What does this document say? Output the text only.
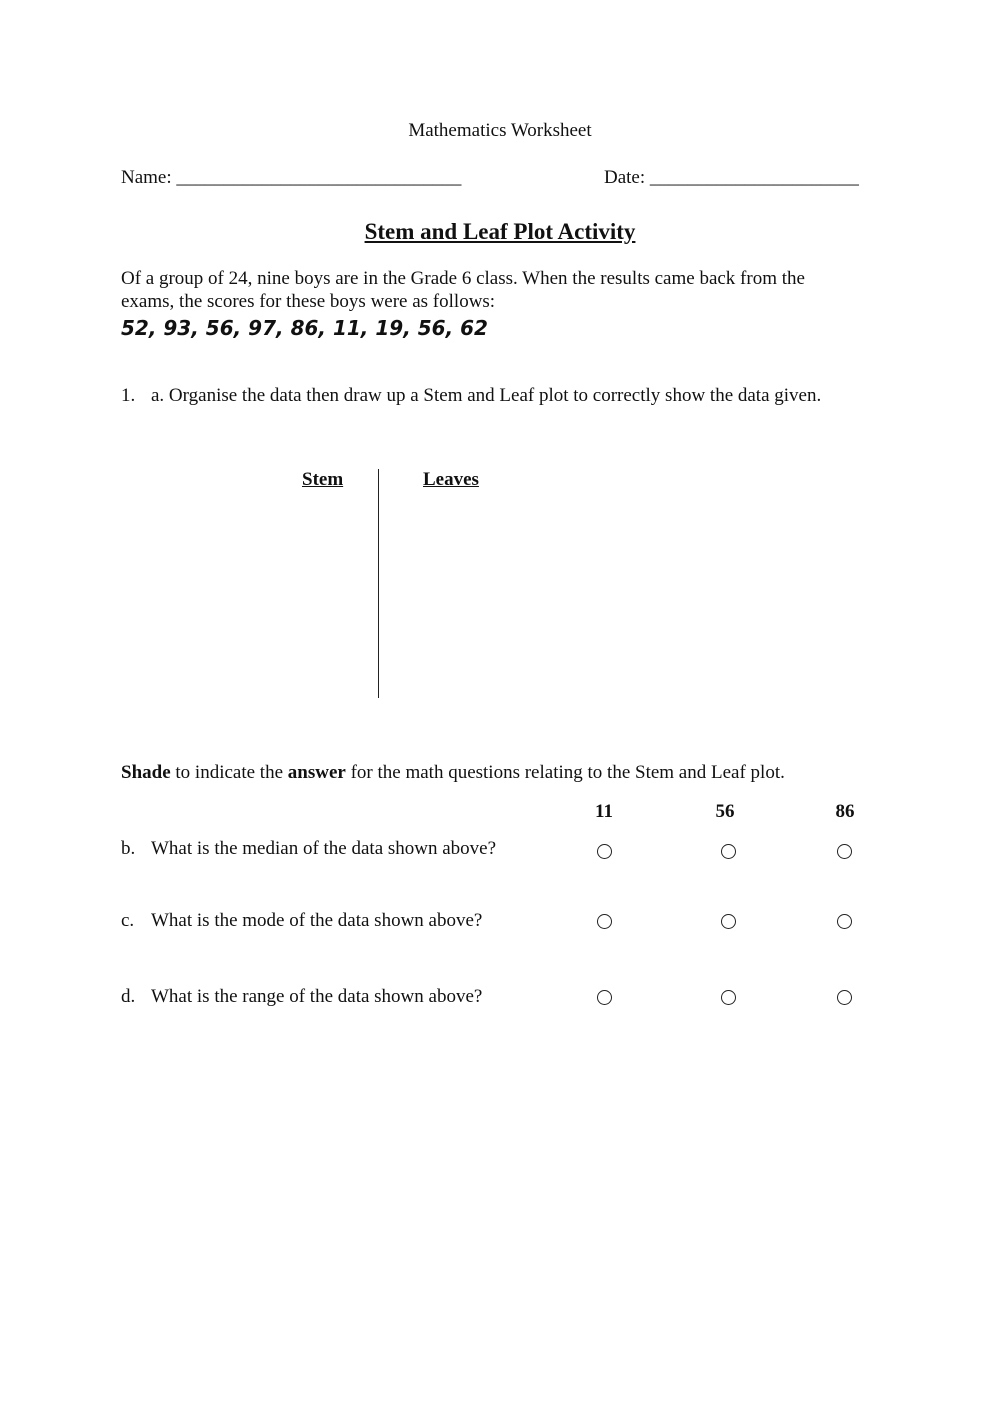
Mathematics Worksheet
Name: ______________________________	Date: ______________________
Stem and Leaf Plot Activity
Of a group of 24, nine boys are in the Grade 6 class. When the results came back from the
exams, the scores for these boys were as follows:
52, 93, 56, 97, 86, 11, 19, 56, 62
1. a. Organise the data then draw up a Stem and Leaf plot to correctly show the data given.
Stem	Leaves
Shade to indicate the answer for the math questions relating to the Stem and Leaf plot.
11	56	86
b. What is the median of the data shown above?
c. What is the mode of the data shown above?
d. What is the range of the data shown above?
